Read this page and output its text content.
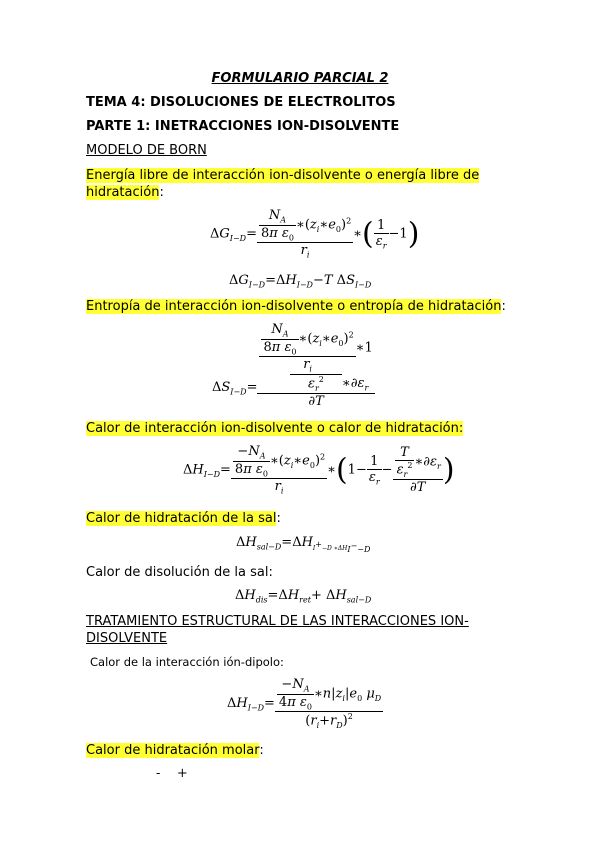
FORMULARIO PARCIAL 2
TEMA 4: DISOLUCIONES DE ELECTROLITOS
PARTE 1: INETRACCIONES ION-DISOLVENTE
MODELO DE BORN
Energía libre de interacción ion-disolvente o energía libre de
hidratación:
$\Delta G_{I-D}= \frac{\frac{N_A}{8\pi \varepsilon_0} ∗(z_i∗e_0)^2}{r_i}$ ∗( $\frac{1}{\varepsilon_r} -1$)
$\Delta G_{I-D}=\Delta H_{I-D}-T$ $\Delta S_{I-D}$
Entropía de interacción ion-disolvente o entropía de hidratación:
$\Delta S_{I-D}=$
$\frac{\frac{N_A}{8\pi \varepsilon_0} ∗(z_i∗e_0)^2}{r_i}$ ∗1

$\varepsilon_r^2$	$∗\partial\varepsilon_r$
∂T
Calor de interacción ion-disolvente o calor de hidratación:
$\Delta H_{I-D}= \frac{\frac{-N_A}{8\pi \varepsilon_0} ∗(z_i∗e_0)^2}{r_i}$ ∗(1− $\frac{1}{\varepsilon_r} - \frac{\frac{T}{\varepsilon_r^2} ∗\partial\varepsilon_r}{\partial T}$ )
Calor de hidratación de la sal:
$\Delta H_{sal-D}=\Delta H_{I^+-D ∗\Delta H_{I^--D}}$
Calor de disolución de la sal:
$\Delta H_{dis}=\Delta H_{ret}+ \Delta H_{sal-D}$
TRATAMIENTO ESTRUCTURAL DE LAS INTERACCIONES ION-
DISOLVENTE
Calor de la interacción ión-dipolo:
$\Delta H_{I-D}= \frac{\frac{-N_A}{4\pi \varepsilon_0} ∗n|z_i|e_0 \mu_D}{(r_i+r_D)^2}$
Calor de hidratación molar:
-    +
